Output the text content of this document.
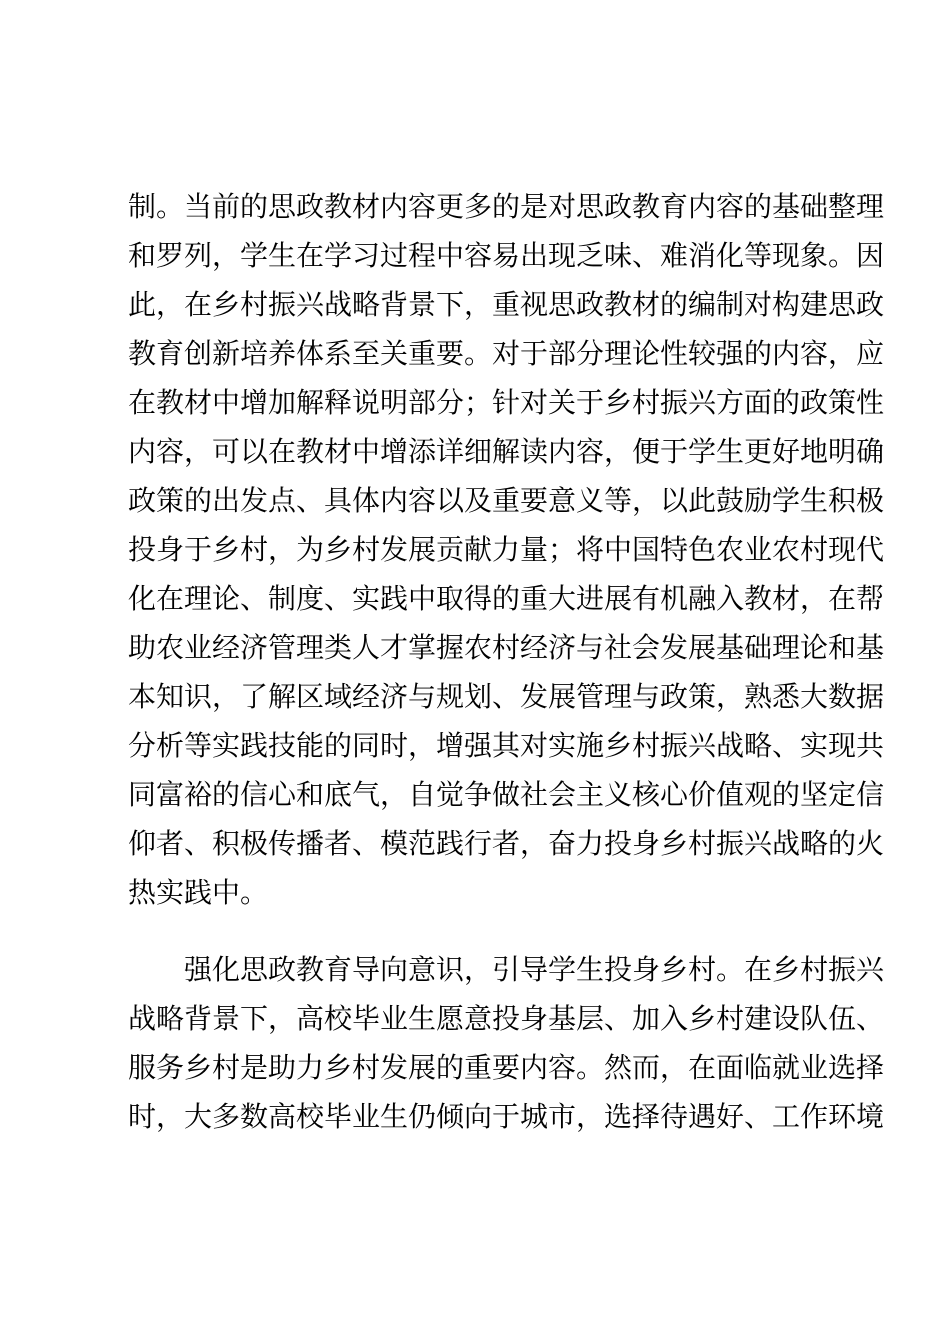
制。当前的思政教材内容更多的是对思政教育内容的基础整理
和罗列，学生在学习过程中容易出现乏味、难消化等现象。因
此，在乡村振兴战略背景下，重视思政教材的编制对构建思政
教育创新培养体系至关重要。对于部分理论性较强的内容，应
在教材中增加解释说明部分；针对关于乡村振兴方面的政策性
内容，可以在教材中增添详细解读内容，便于学生更好地明确
政策的出发点、具体内容以及重要意义等，以此鼓励学生积极
投身于乡村，为乡村发展贡献力量；将中国特色农业农村现代
化在理论、制度、实践中取得的重大进展有机融入教材，在帮
助农业经济管理类人才掌握农村经济与社会发展基础理论和基
本知识，了解区域经济与规划、发展管理与政策，熟悉大数据
分析等实践技能的同时，增强其对实施乡村振兴战略、实现共
同富裕的信心和底气，自觉争做社会主义核心价值观的坚定信
仰者、积极传播者、模范践行者，奋力投身乡村振兴战略的火
热实践中。
　　强化思政教育导向意识，引导学生投身乡村。在乡村振兴
战略背景下，高校毕业生愿意投身基层、加入乡村建设队伍、
服务乡村是助力乡村发展的重要内容。然而，在面临就业选择
时，大多数高校毕业生仍倾向于城市，选择待遇好、工作环境
